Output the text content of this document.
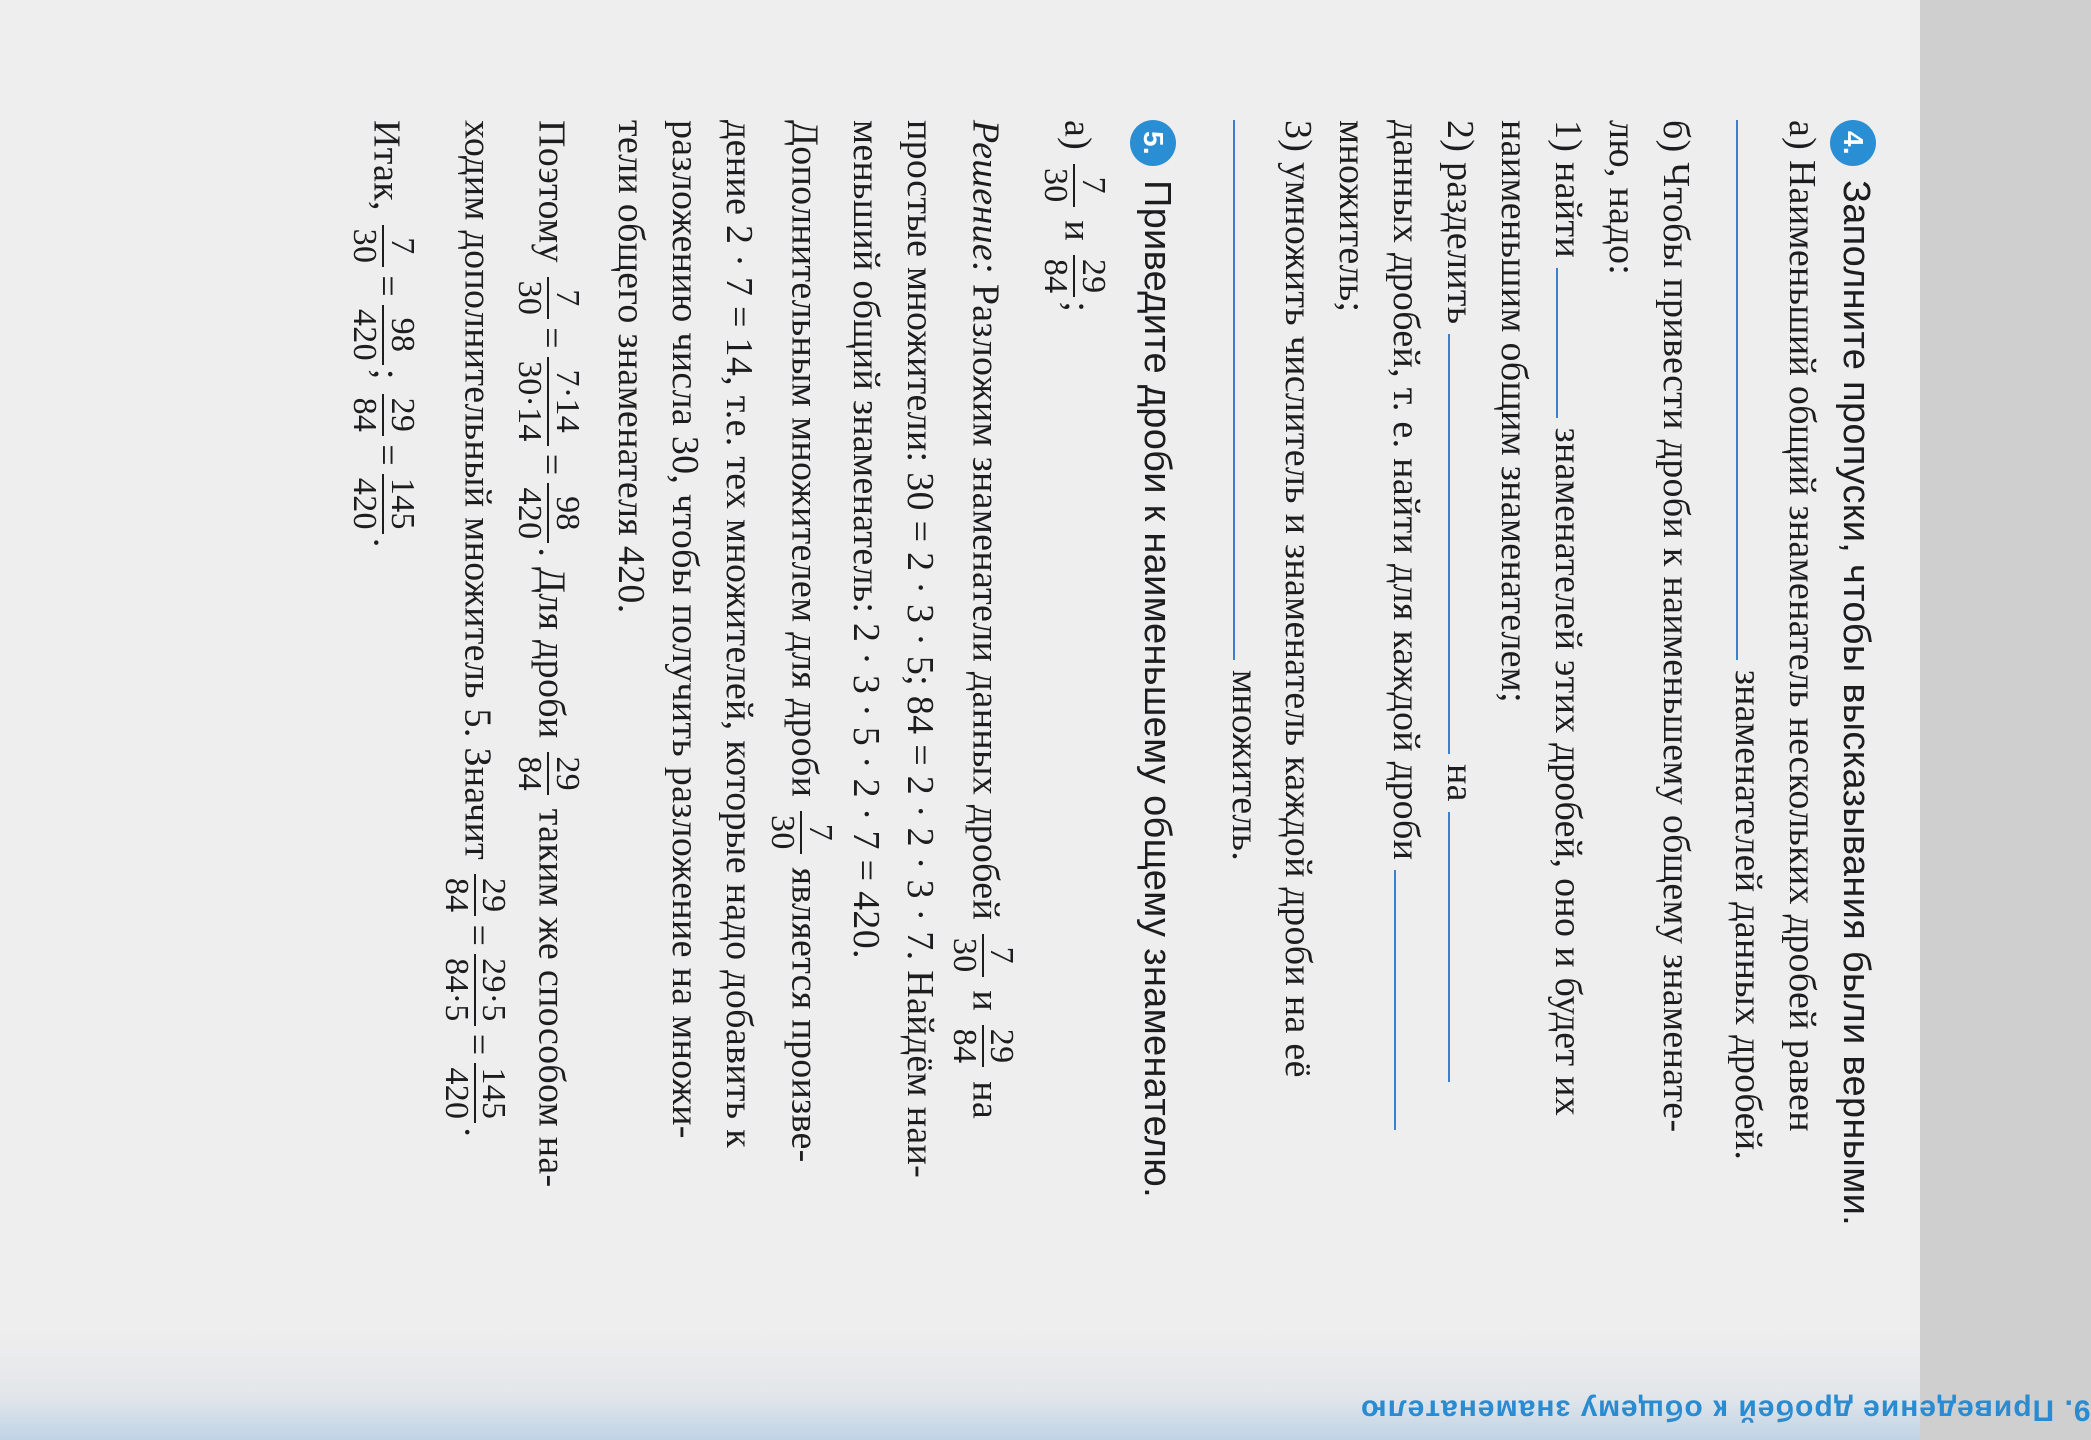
9. Приведение дробей к общему знаменателю
4.Заполните пропуски, чтобы высказывания были верными.
а) Наименьший общий знаменатель нескольких дробей равен
знаменателей данных дробей.
б) Чтобы привести дроби к наименьшему общему знаменате-
лю, надо:
1) найти  знаменателей этих дробей, оно и будет их
наименьшим общим знаменателем;
2) разделить  на
данных дробей, т. е. найти для каждой дроби
множитель;
3) умножить числитель и знаменатель каждой дроби на её
множитель.
5.Приведите дроби к наименьшему общему знаменателю.
а)
7
30
и
29
84
;
Решение: Разложим знаменатели данных дробей
7
30
и
29
84
на
простые множители: 30 = 2 · 3 · 5; 84 = 2 · 2 · 3 · 7. Найдём наи-
меньший общий знаменатель: 2 · 3 · 5 · 2 · 7 = 420.
Дополнительным множителем для дроби
7
30
является произве-
дение 2 · 7 = 14, т.е. тех множителей, которые надо добавить к
разложению числа 30, чтобы получить разложение на множи-
тели общего знаменателя 420.
Поэтому
7
30
=
7·14
30·14
=
98
420
. Для дроби
29
84
таким же способом на-
ходим дополнительный множитель 5. Значит
29
84
=
29·5
84·5
=
145
420
.
Итак,
7
30
=
98
420
;
29
84
=
145
420
.
